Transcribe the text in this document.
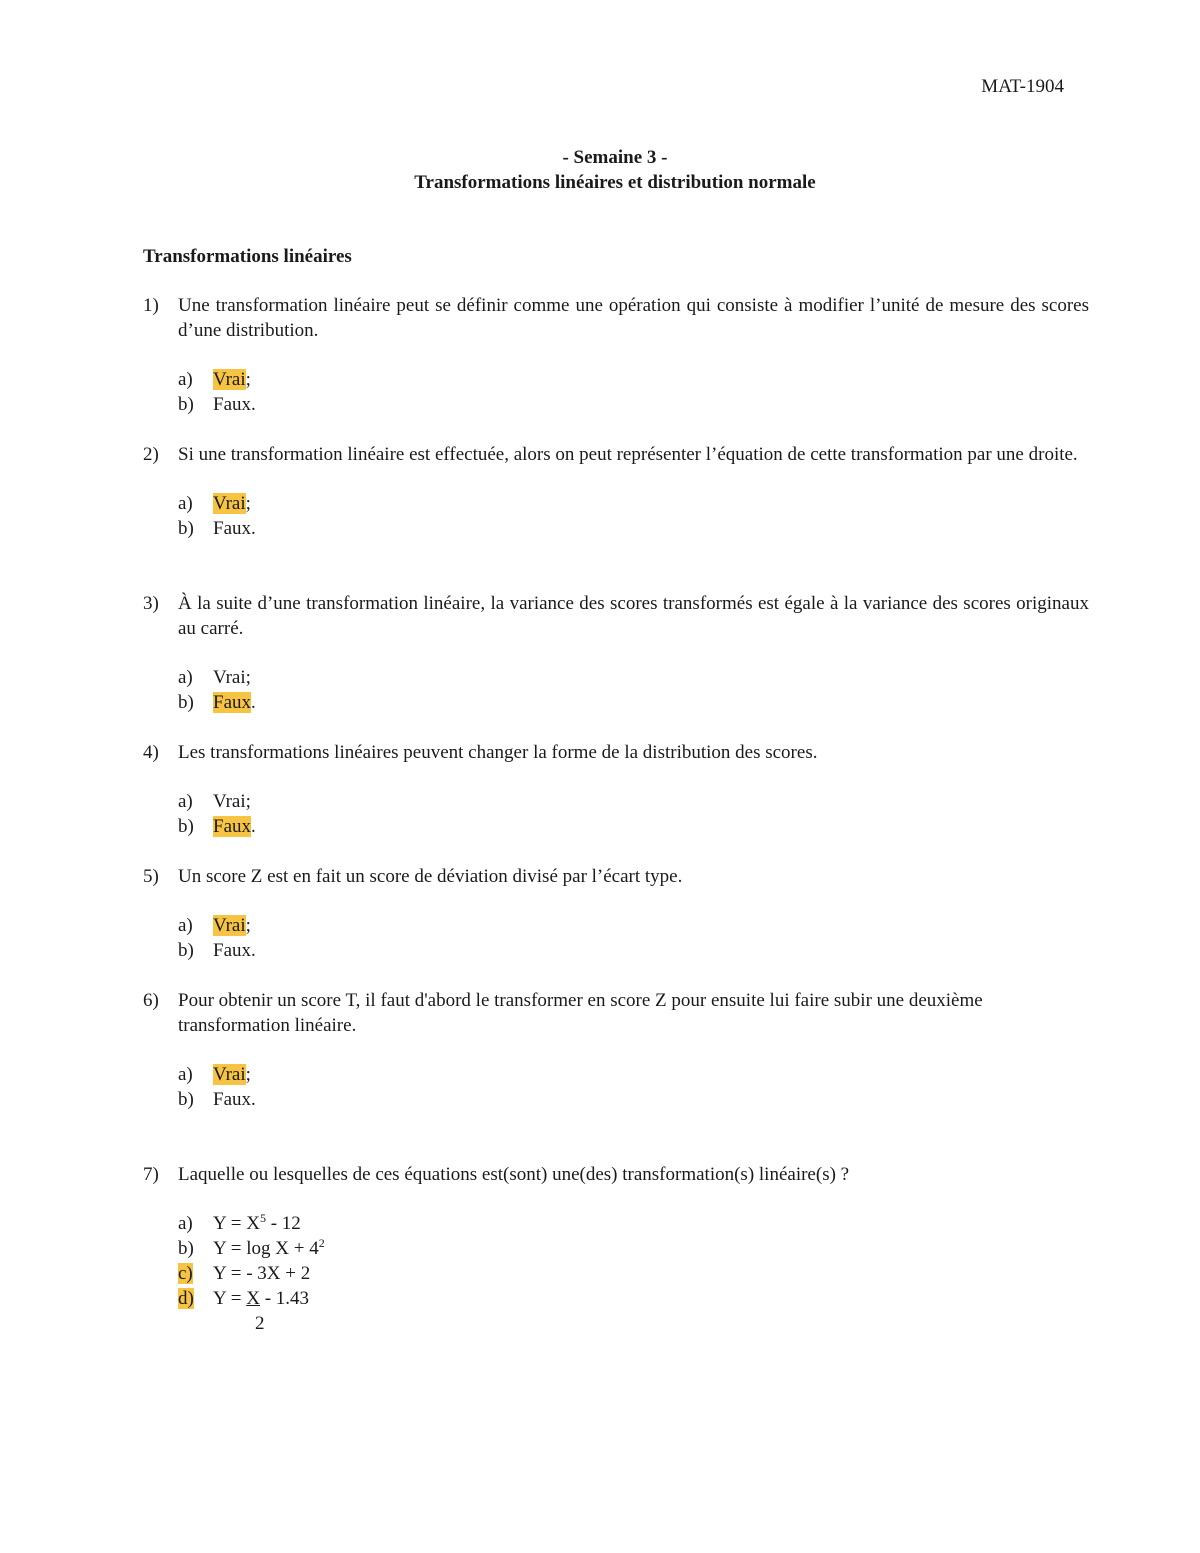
MAT-1904
- Semaine 3 -
Transformations linéaires et distribution normale
Transformations linéaires
1)	Une transformation linéaire peut se définir comme une opération qui consiste à modifier l’unité de mesure des scores d’une distribution.
a)	Vrai;
b)	Faux.
2)	Si une transformation linéaire est effectuée, alors on peut représenter l’équation de cette transformation par une droite.
a)	Vrai;
b)	Faux.
3)	À la suite d’une transformation linéaire, la variance des scores transformés est égale à la variance des scores originaux au carré.
a)	Vrai;
b)	Faux.
4)	Les transformations linéaires peuvent changer la forme de la distribution des scores.
a)	Vrai;
b)	Faux.
5)	Un score Z est en fait un score de déviation divisé par l’écart type.
a)	Vrai;
b)	Faux.
6)	Pour obtenir un score T, il faut d'abord le transformer en score Z pour ensuite lui faire subir une deuxième transformation linéaire.
a)	Vrai;
b)	Faux.
7)	Laquelle ou lesquelles de ces équations est(sont) une(des) transformation(s) linéaire(s) ?
a)	$Y = X^5 - 12$
b)	$Y = \log X + 4^2$
c)	Y = - 3X + 2
d)	Y = X - 1.43
2
